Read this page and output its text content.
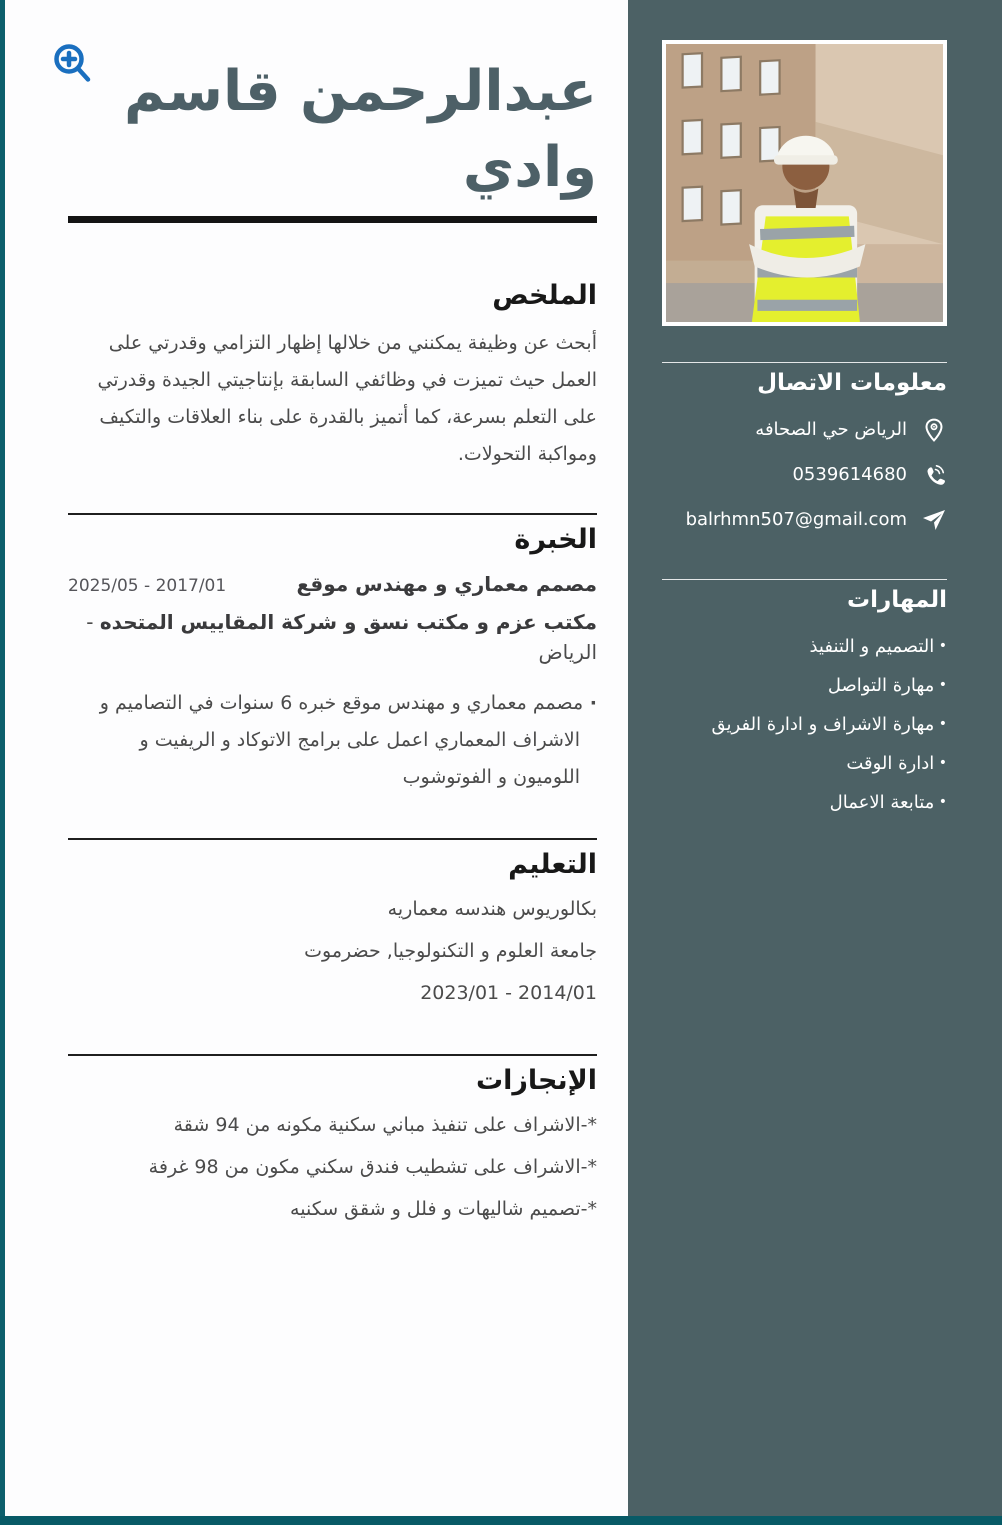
عبدالرحمن قاسم
وادي
الملخص

أبحث عن وظيفة يمكنني من خلالها إظهار التزامي وقدرتي على العمل حيث تميزت في وظائفي السابقة بإنتاجيتي الجيدة وقدرتي على التعلم بسرعة، كما أتميز بالقدرة على بناء العلاقات والتكيف ومواكبة التحولات.

الخبرة
مصمم معماري و مهندس موقع
2025/05 - 2017/01
مكتب عزم و مكتب نسق و شركة المقاييس المتحده - الرياض
· مصمم معماري و مهندس موقع خبره 6 سنوات في التصاميم و الاشراف المعماري اعمل على برامج الاتوكاد و الريفيت و اللوميون و الفوتوشوب
التعليم
بكالوريوس هندسه معماريه
جامعة العلوم و التكنولوجيا, حضرموت
2023/01 - 2014/01
الإنجازات
*-الاشراف على تنفيذ مباني سكنية مكونه من 94 شقة
*-الاشراف على تشطيب فندق سكني مكون من 98 غرفة
*-تصميم شاليهات و فلل و شقق سكنيه
معلومات الاتصال
الرياض حي الصحافه
0539614680
balrhmn507@gmail.com
المهارات
• التصميم و التنفيذ
• مهارة التواصل
• مهارة الاشراف و ادارة الفريق
• ادارة الوقت
• متابعة الاعمال
